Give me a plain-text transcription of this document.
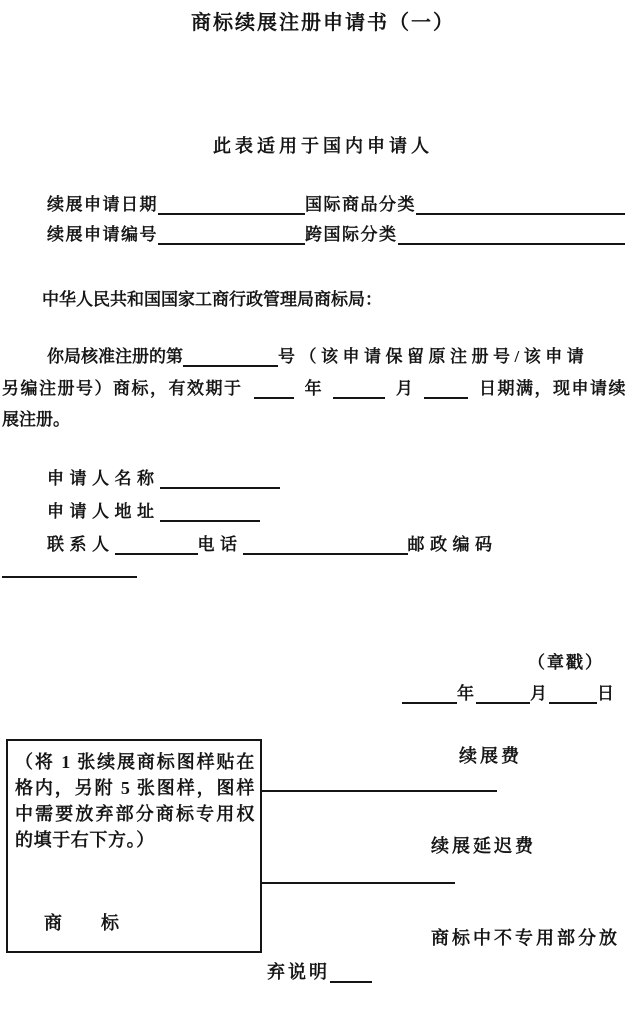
商标续展注册申请书（一）
此表适用于国内申请人
续展申请日期	国际商品分类
续展申请编号	跨国际分类
中华人民共和国国家工商行政管理局商标局：
你局核准注册的第	号（该申请保留原注册号/该申请
另编注册号）商标，有效期于	年	月	日期满，现申请续
展注册。
申请人名称
申请人地址
联系人	电话	邮政编码
（章戳）
年	月	日
（将 1 张续展商标图样贴在格内，另附 5 张图样，图样中需要放弃部分商标专用权的填于右下方。）
商　　标
续展费
续展延迟费
商标中不专用部分放
弃说明
